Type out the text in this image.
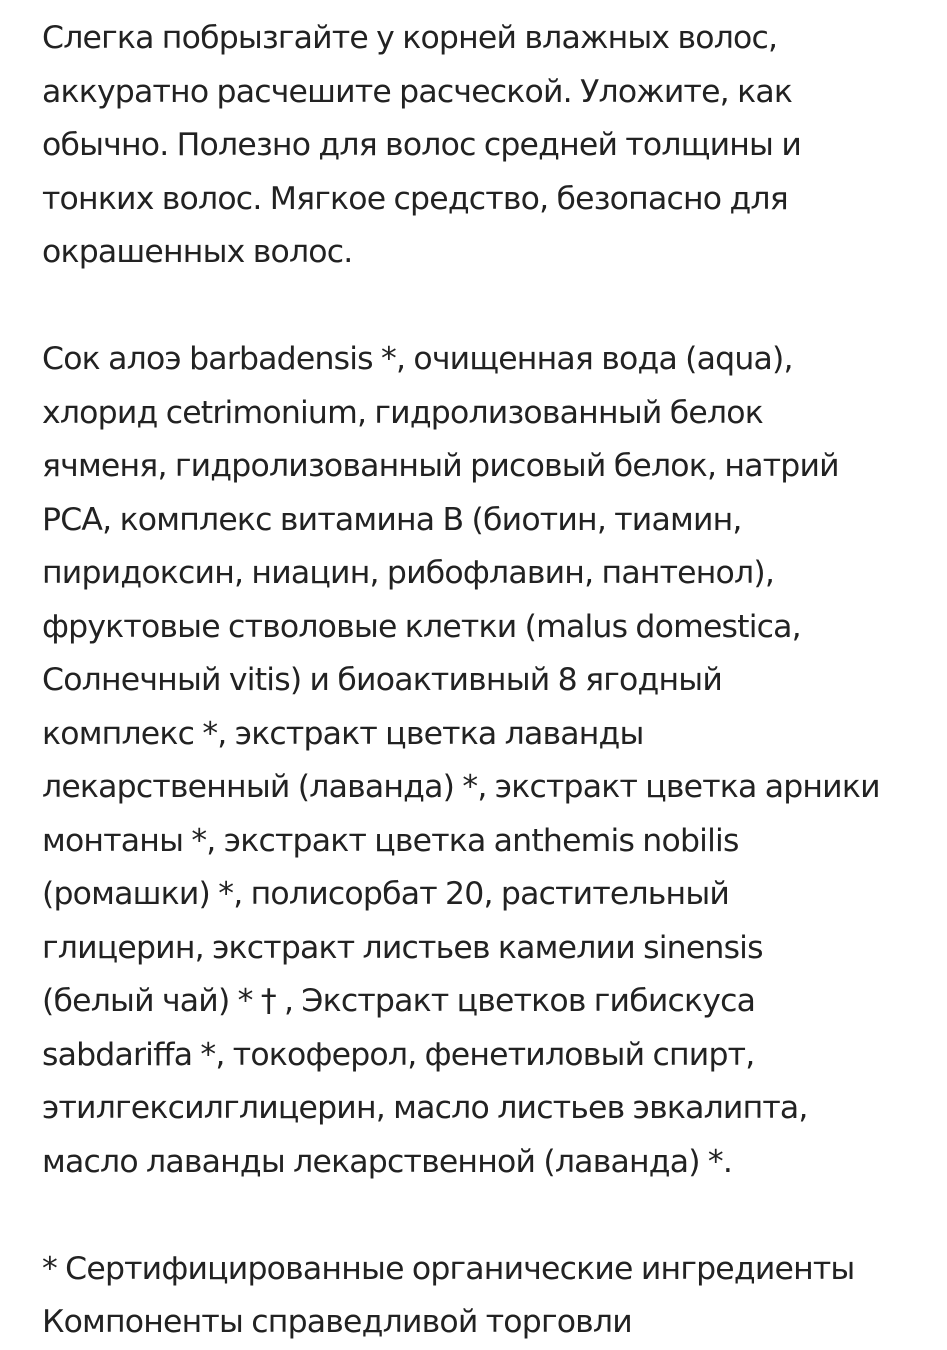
Слегка побрызгайте у корней влажных волос,
аккуратно расчешите расческой. Уложите, как
обычно. Полезно для волос средней толщины и
тонких волос. Мягкое средство, безопасно для
окрашенных волос.

Сок алоэ barbadensis *, очищенная вода (aqua),
хлорид cetrimonium, гидролизованный белок
ячменя, гидролизованный рисовый белок, натрий
PCA, комплекс витамина B (биотин, тиамин,
пиридоксин, ниацин, рибофлавин, пантенол),
фруктовые стволовые клетки (malus domestica,
Солнечный vitis) и биоактивный 8 ягодный
комплекс *, экстракт цветка лаванды
лекарственный (лаванда) *, экстракт цветка арники
монтаны *, экстракт цветка anthemis nobilis
(ромашки) *, полисорбат 20, растительный
глицерин, экстракт листьев камелии sinensis
(белый чай) * † , Экстракт цветков гибискуса
sabdariffa *, токоферол, фенетиловый спирт,
этилгексилглицерин, масло листьев эвкалипта,
масло лаванды лекарственной (лаванда) *.

* Сертифицированные органические ингредиенты
Компоненты справедливой торговли
